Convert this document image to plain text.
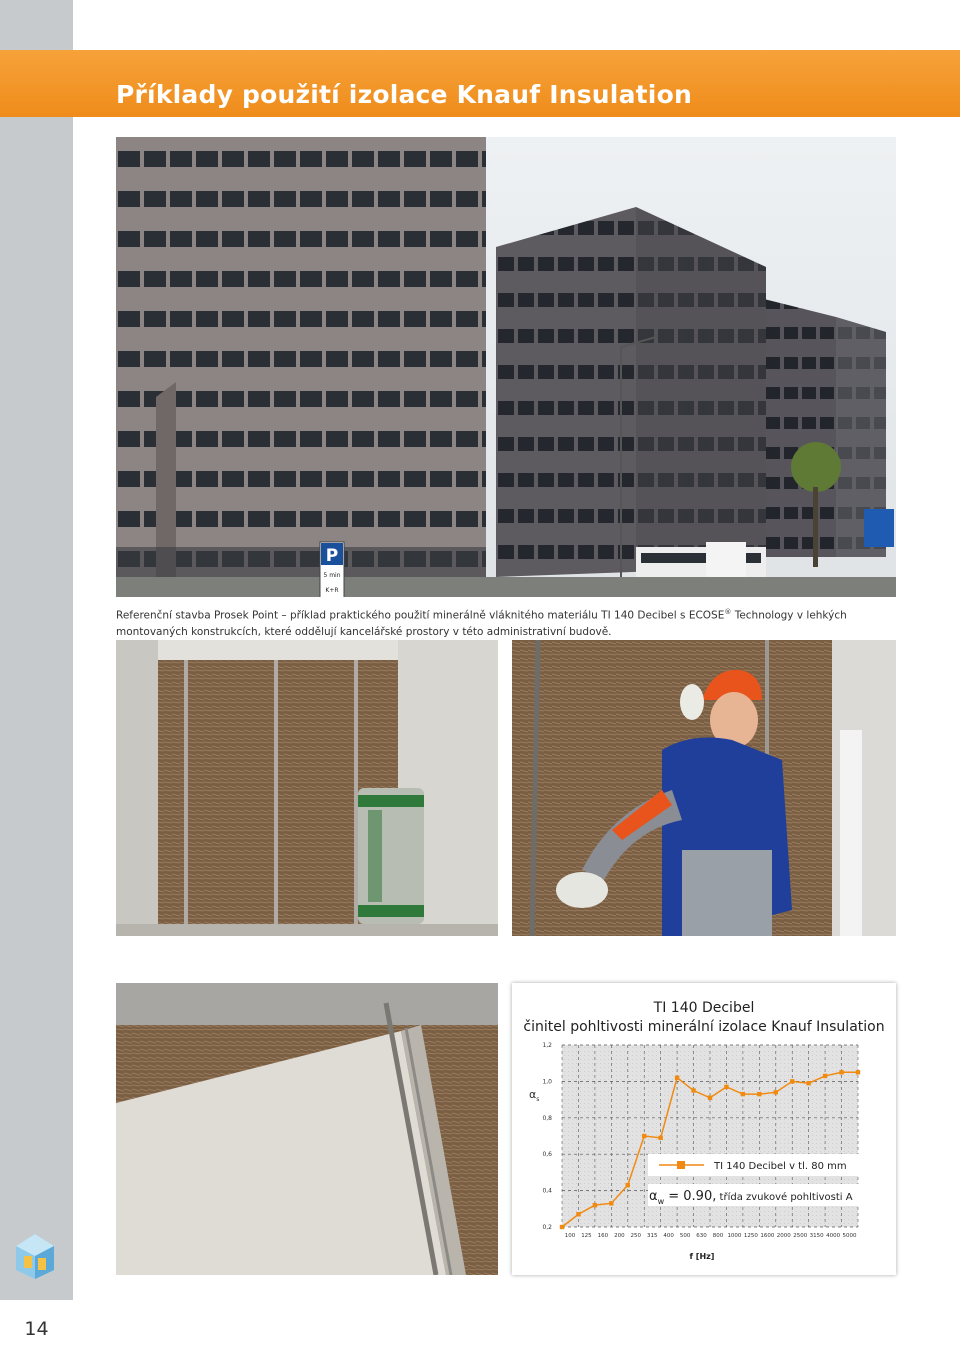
14
Příklady použití izolace Knauf Insulation
P
5 min
K+R
Referenční stavba Prosek Point – příklad praktického použití minerálně vláknitého materiálu TI 140 Decibel s ECOSE® Technology v lehkých montovaných konstrukcích, které oddělují kancelářské prostory v této administrativní budově.
TI 140 Decibel
činitel pohltivosti minerální izolace Knauf Insulation
$\alpha_s$
0,2
0,4
0,6
0,8
1,0
1,2
100 125 160 200 250 315 400 500 630 800 1000 1250 1600 2000 2500 3150 4000 5000
f [Hz]
TI 140 Decibel v tl. 80 mm
$\alpha_w = 0.90$, třída zvukové pohltivosti A
